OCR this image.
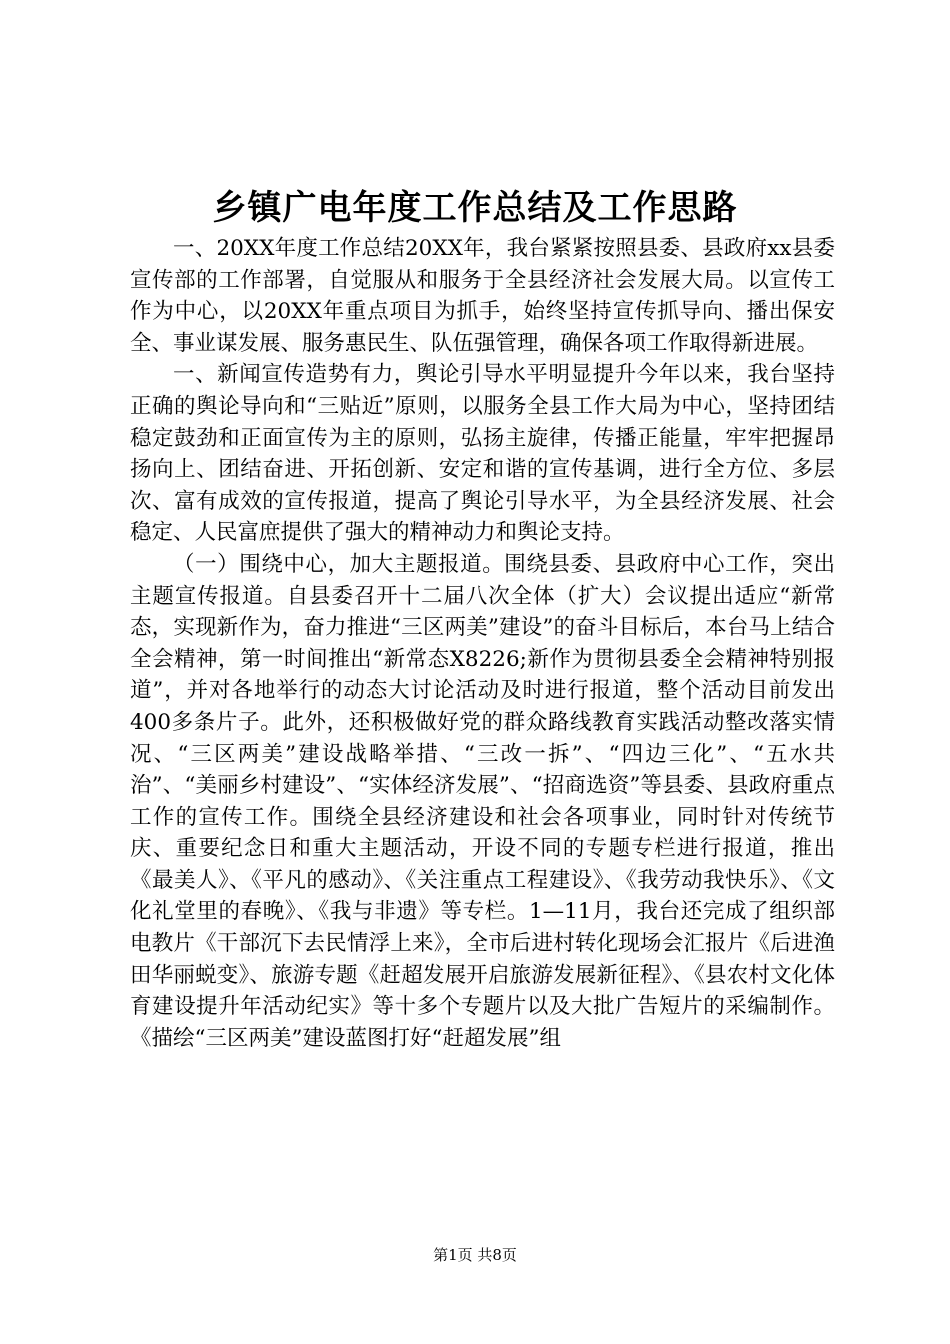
乡镇广电年度工作总结及工作思路

一、20XX年度工作总结20XX年，我台紧紧按照县委、县政府xx县委宣传部的工作部署，自觉服从和服务于全县经济社会发展大局。以宣传工作为中心，以20XX年重点项目为抓手，始终坚持宣传抓导向、播出保安全、事业谋发展、服务惠民生、队伍强管理，确保各项工作取得新进展。

一、新闻宣传造势有力，舆论引导水平明显提升今年以来，我台坚持正确的舆论导向和“三贴近”原则，以服务全县工作大局为中心，坚持团结稳定鼓劲和正面宣传为主的原则，弘扬主旋律，传播正能量，牢牢把握昂扬向上、团结奋进、开拓创新、安定和谐的宣传基调，进行全方位、多层次、富有成效的宣传报道，提高了舆论引导水平，为全县经济发展、社会稳定、人民富庶提供了强大的精神动力和舆论支持。

（一）围绕中心，加大主题报道。围绕县委、县政府中心工作，突出主题宣传报道。自县委召开十二届八次全体（扩大）会议提出适应“新常态，实现新作为，奋力推进“三区两美”建设”的奋斗目标后，本台马上结合全会精神，第一时间推出“新常态X8226;新作为贯彻县委全会精神特别报道”，并对各地举行的动态大讨论活动及时进行报道，整个活动目前发出400多条片子。此外，还积极做好党的群众路线教育实践活动整改落实情况、“三区两美”建设战略举措、“三改一拆”、“四边三化”、“五水共治”、“美丽乡村建设”、“实体经济发展”、“招商选资”等县委、县政府重点工作的宣传工作。围绕全县经济建设和社会各项事业，同时针对传统节庆、重要纪念日和重大主题活动，开设不同的专题专栏进行报道，推出《最美人》、《平凡的感动》、《关注重点工程建设》、《我劳动我快乐》、《文化礼堂里的春晚》、《我与非遗》等专栏。1—11月，我台还完成了组织部电教片《干部沉下去民情浮上来》，全市后进村转化现场会汇报片《后进渔田华丽蜕变》、旅游专题《赶超发展开启旅游发展新征程》、《县农村文化体育建设提升年活动纪实》等十多个专题片以及大批广告短片的采编制作。《描绘“三区两美”建设蓝图打好“赶超发展”组

第1页 共8页
